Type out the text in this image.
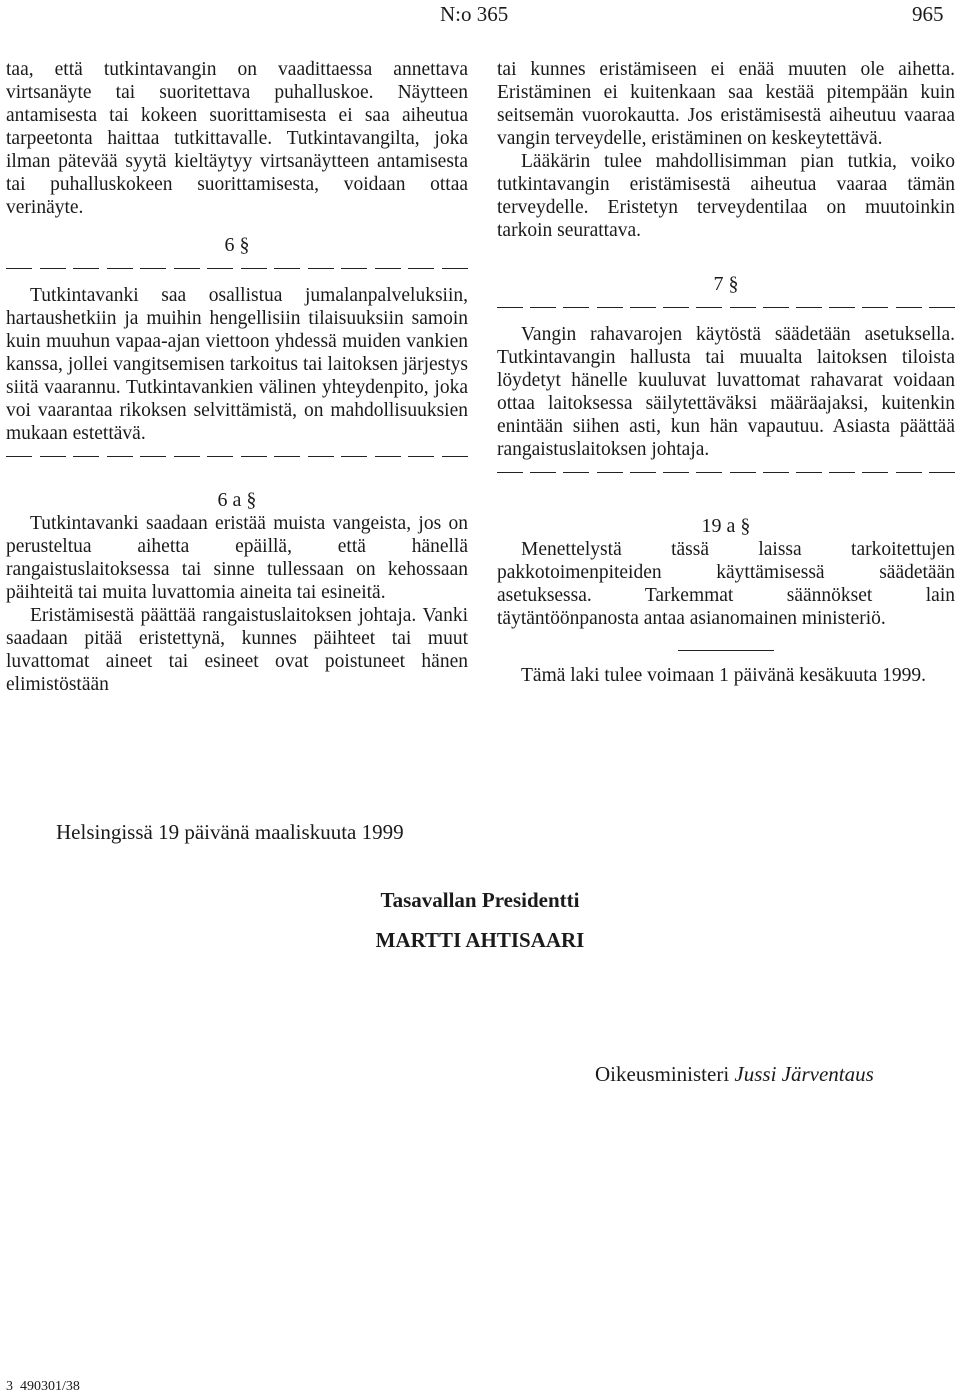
N:o 365	965

taa, että tutkintavangin on vaadittaessa annettava virtsanäyte tai suoritettava puhalluskoe. Näytteen antamisesta tai kokeen suorittamisesta ei saa aiheutua tarpeetonta haittaa tutkittavalle. Tutkintavangilta, joka ilman pätevää syytä kieltäytyy virtsanäytteen antamisesta tai puhalluskokeen suorittamisesta, voidaan ottaa verinäyte.

6 §

Tutkintavanki saa osallistua jumalanpalveluksiin, hartaushetkiin ja muihin hengellisiin tilaisuuksiin samoin kuin muuhun vapaa-ajan viettoon yhdessä muiden vankien kanssa, jollei vangitsemisen tarkoitus tai laitoksen järjestys siitä vaarannu. Tutkintavankien välinen yhteydenpito, joka voi vaarantaa rikoksen selvittämistä, on mahdollisuuksien mukaan estettävä.

6 a §

Tutkintavanki saadaan eristää muista vangeista, jos on perusteltua aihetta epäillä, että hänellä rangaistuslaitoksessa tai sinne tullessaan on kehossaan päihteitä tai muita luvattomia aineita tai esineitä.

Eristämisestä päättää rangaistuslaitoksen johtaja. Vanki saadaan pitää eristettynä, kunnes päihteet tai muut luvattomat aineet tai esineet ovat poistuneet hänen elimistöstään

tai kunnes eristämiseen ei enää muuten ole aihetta. Eristäminen ei kuitenkaan saa kestää pitempään kuin seitsemän vuorokautta. Jos eristämisestä aiheutuu vaaraa vangin terveydelle, eristäminen on keskeytettävä.

Lääkärin tulee mahdollisimman pian tutkia, voiko tutkintavangin eristämisestä aiheutua vaaraa tämän terveydelle. Eristetyn terveydentilaa on muutoinkin tarkoin seurattava.

7 §

Vangin rahavarojen käytöstä säädetään asetuksella. Tutkintavangin hallusta tai muualta laitoksen tiloista löydetyt hänelle kuuluvat luvattomat rahavarat voidaan ottaa laitoksessa säilytettäväksi määräajaksi, kuitenkin enintään siihen asti, kun hän vapautuu. Asiasta päättää rangaistuslaitoksen johtaja.

19 a §

Menettelystä tässä laissa tarkoitettujen pakkotoimenpiteiden käyttämisessä säädetään asetuksessa. Tarkemmat säännökset lain täytäntöönpanosta antaa asianomainen ministeriö.

Tämä laki tulee voimaan 1 päivänä kesäkuuta 1999.

Helsingissä 19 päivänä maaliskuuta 1999
Tasavallan Presidentti
MARTTI AHTISAARI
Oikeusministeri Jussi Järventaus
3  490301/38
